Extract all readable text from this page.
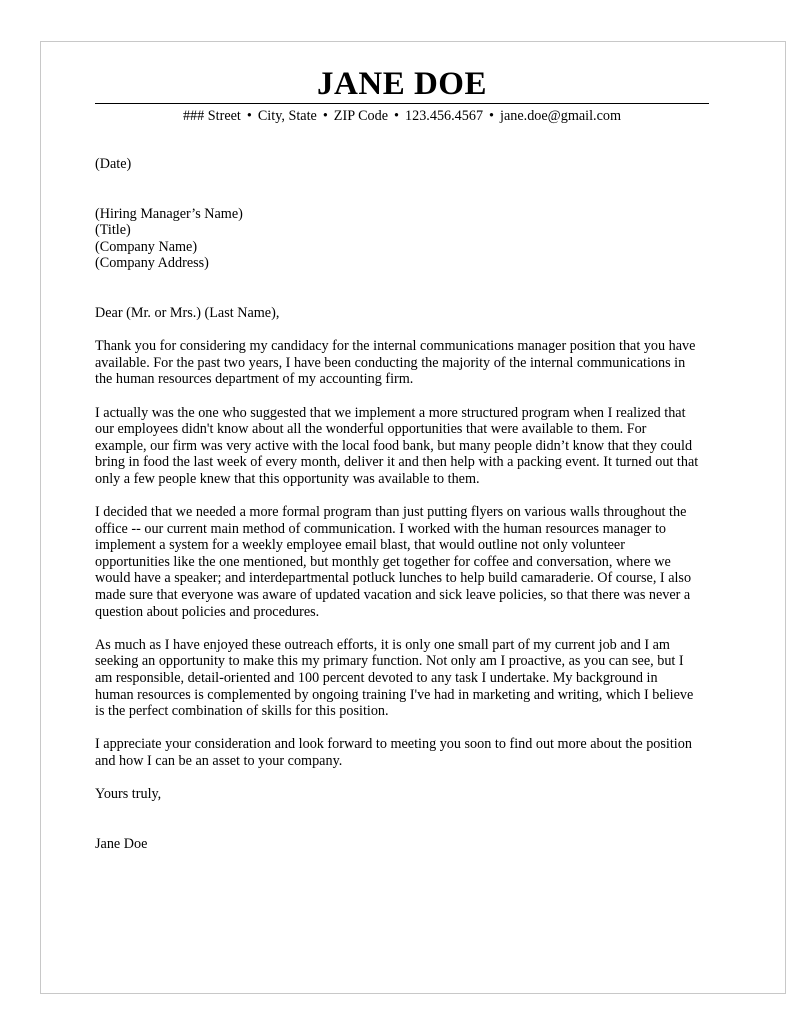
JANE DOE
### Street • City, State • ZIP Code • 123.456.4567 • jane.doe@gmail.com
(Date)
(Hiring Manager’s Name)
(Title)
(Company Name)
(Company Address)
Dear (Mr. or Mrs.) (Last Name),

Thank you for considering my candidacy for the internal communications manager position that you have
available. For the past two years, I have been conducting the majority of the internal communications in
the human resources department of my accounting firm.

I actually was the one who suggested that we implement a more structured program when I realized that
our employees didn't know about all the wonderful opportunities that were available to them. For
example, our firm was very active with the local food bank, but many people didn’t know that they could
bring in food the last week of every month, deliver it and then help with a packing event. It turned out that
only a few people knew that this opportunity was available to them.

I decided that we needed a more formal program than just putting flyers on various walls throughout the
office -- our current main method of communication. I worked with the human resources manager to
implement a system for a weekly employee email blast, that would outline not only volunteer
opportunities like the one mentioned, but monthly get together for coffee and conversation, where we
would have a speaker; and interdepartmental potluck lunches to help build camaraderie. Of course, I also
made sure that everyone was aware of updated vacation and sick leave policies, so that there was never a
question about policies and procedures.

As much as I have enjoyed these outreach efforts, it is only one small part of my current job and I am
seeking an opportunity to make this my primary function. Not only am I proactive, as you can see, but I
am responsible, detail-oriented and 100 percent devoted to any task I undertake. My background in
human resources is complemented by ongoing training I've had in marketing and writing, which I believe
is the perfect combination of skills for this position.

I appreciate your consideration and look forward to meeting you soon to find out more about the position
and how I can be an asset to your company.

Yours truly,
Jane Doe
